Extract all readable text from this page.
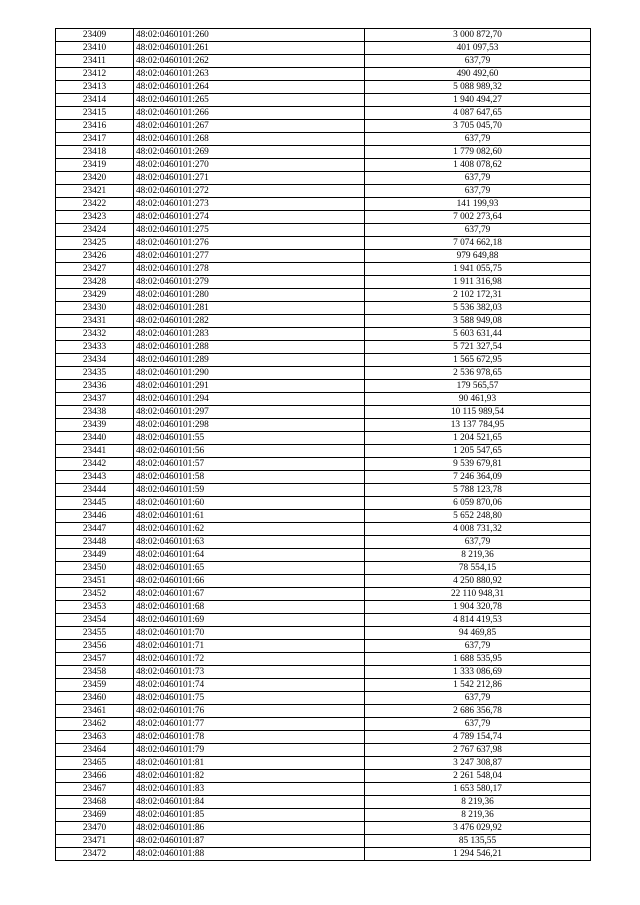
23409	48:02:0460101:260	3 000 872,70
23410	48:02:0460101:261	401 097,53
23411	48:02:0460101:262	637,79
23412	48:02:0460101:263	490 492,60
23413	48:02:0460101:264	5 088 989,32
23414	48:02:0460101:265	1 940 494,27
23415	48:02:0460101:266	4 087 647,65
23416	48:02:0460101:267	3 705 045,70
23417	48:02:0460101:268	637,79
23418	48:02:0460101:269	1 779 082,60
23419	48:02:0460101:270	1 408 078,62
23420	48:02:0460101:271	637,79
23421	48:02:0460101:272	637,79
23422	48:02:0460101:273	141 199,93
23423	48:02:0460101:274	7 002 273,64
23424	48:02:0460101:275	637,79
23425	48:02:0460101:276	7 074 662,18
23426	48:02:0460101:277	979 649,88
23427	48:02:0460101:278	1 941 055,75
23428	48:02:0460101:279	1 911 316,98
23429	48:02:0460101:280	2 102 172,31
23430	48:02:0460101:281	5 536 382,03
23431	48:02:0460101:282	3 588 949,08
23432	48:02:0460101:283	5 603 631,44
23433	48:02:0460101:288	5 721 327,54
23434	48:02:0460101:289	1 565 672,95
23435	48:02:0460101:290	2 536 978,65
23436	48:02:0460101:291	179 565,57
23437	48:02:0460101:294	90 461,93
23438	48:02:0460101:297	10 115 989,54
23439	48:02:0460101:298	13 137 784,95
23440	48:02:0460101:55	1 204 521,65
23441	48:02:0460101:56	1 205 547,65
23442	48:02:0460101:57	9 539 679,81
23443	48:02:0460101:58	7 246 364,09
23444	48:02:0460101:59	5 788 123,78
23445	48:02:0460101:60	6 059 870,06
23446	48:02:0460101:61	5 652 248,80
23447	48:02:0460101:62	4 008 731,32
23448	48:02:0460101:63	637,79
23449	48:02:0460101:64	8 219,36
23450	48:02:0460101:65	78 554,15
23451	48:02:0460101:66	4 250 880,92
23452	48:02:0460101:67	22 110 948,31
23453	48:02:0460101:68	1 904 320,78
23454	48:02:0460101:69	4 814 419,53
23455	48:02:0460101:70	94 469,85
23456	48:02:0460101:71	637,79
23457	48:02:0460101:72	1 688 535,95
23458	48:02:0460101:73	1 333 086,69
23459	48:02:0460101:74	1 542 212,86
23460	48:02:0460101:75	637,79
23461	48:02:0460101:76	2 686 356,78
23462	48:02:0460101:77	637,79
23463	48:02:0460101:78	4 789 154,74
23464	48:02:0460101:79	2 767 637,98
23465	48:02:0460101:81	3 247 308,87
23466	48:02:0460101:82	2 261 548,04
23467	48:02:0460101:83	1 653 580,17
23468	48:02:0460101:84	8 219,36
23469	48:02:0460101:85	8 219,36
23470	48:02:0460101:86	3 476 029,92
23471	48:02:0460101:87	85 135,55
23472	48:02:0460101:88	1 294 546,21
